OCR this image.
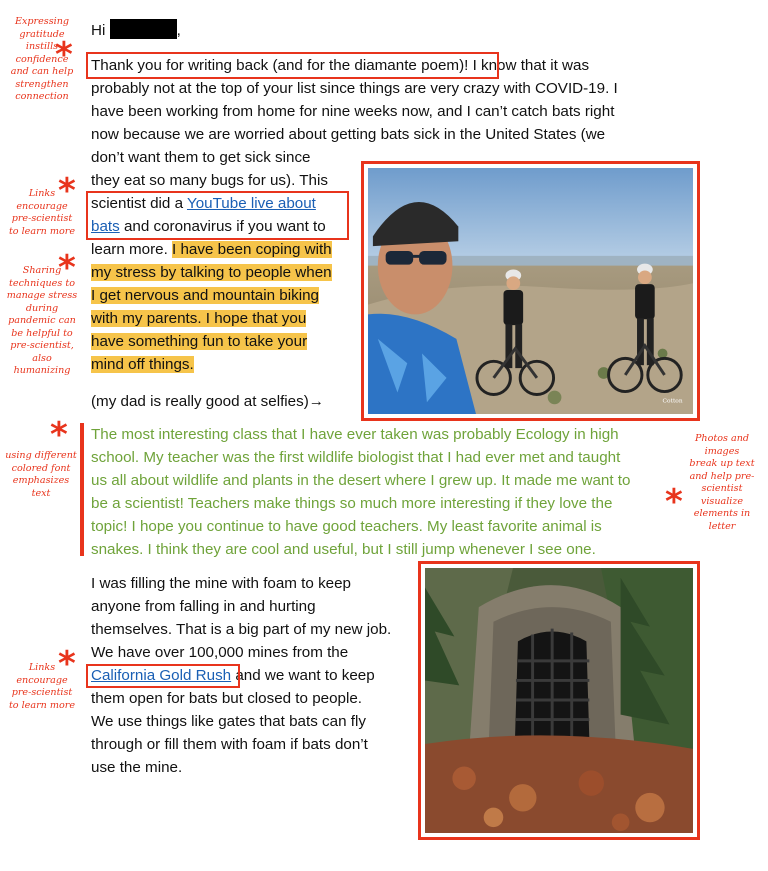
Hi	,
Thank you for writing back (and for the diamante poem)! I know that it was
probably not at the top of your list since things are very crazy with COVID-19. I
have been working from home for nine weeks now, and I can’t catch bats right
now because we are worried about getting bats sick in the United States (we
don’t want them to get sick since
they eat so many bugs for us). This
scientist did a YouTube live about
bats and coronavirus if you want to
learn more. I have been coping with
my stress by talking to people when
I get nervous and mountain biking
with my parents. I hope that you
have something fun to take your
mind off things.
(my dad is really good at selfies)→
The most interesting class that I have ever taken was probably Ecology in high
school. My teacher was the first wildlife biologist that I had ever met and taught
us all about wildlife and plants in the desert where I grew up. It made me want to
be a scientist! Teachers make things so much more interesting if they love the
topic! I hope you continue to have good teachers. My least favorite animal is
snakes. I think they are cool and useful, but I still jump whenever I see one.
I was filling the mine with foam to keep
anyone from falling in and hurting
themselves. That is a big part of my new job.
We have over 100,000 mines from the
California Gold Rush and we want to keep
them open for bats but closed to people.
We use things like gates that bats can fly
through or fill them with foam if bats don’t
use the mine.
Cotton
Expressing
gratitude
instills
confidence
and can help
strengthen
connection
*
Links
encourage
pre-scientist
to learn more
*
Sharing
techniques to
manage stress
during
pandemic can
be helpful to
pre-scientist,
also
humanizing
*
*
using different
colored font
emphasizes text
Photos and
images
break up text
and help pre-
scientist
visualize
elements in
letter
*
Links
encourage
pre-scientist
to learn more
*
